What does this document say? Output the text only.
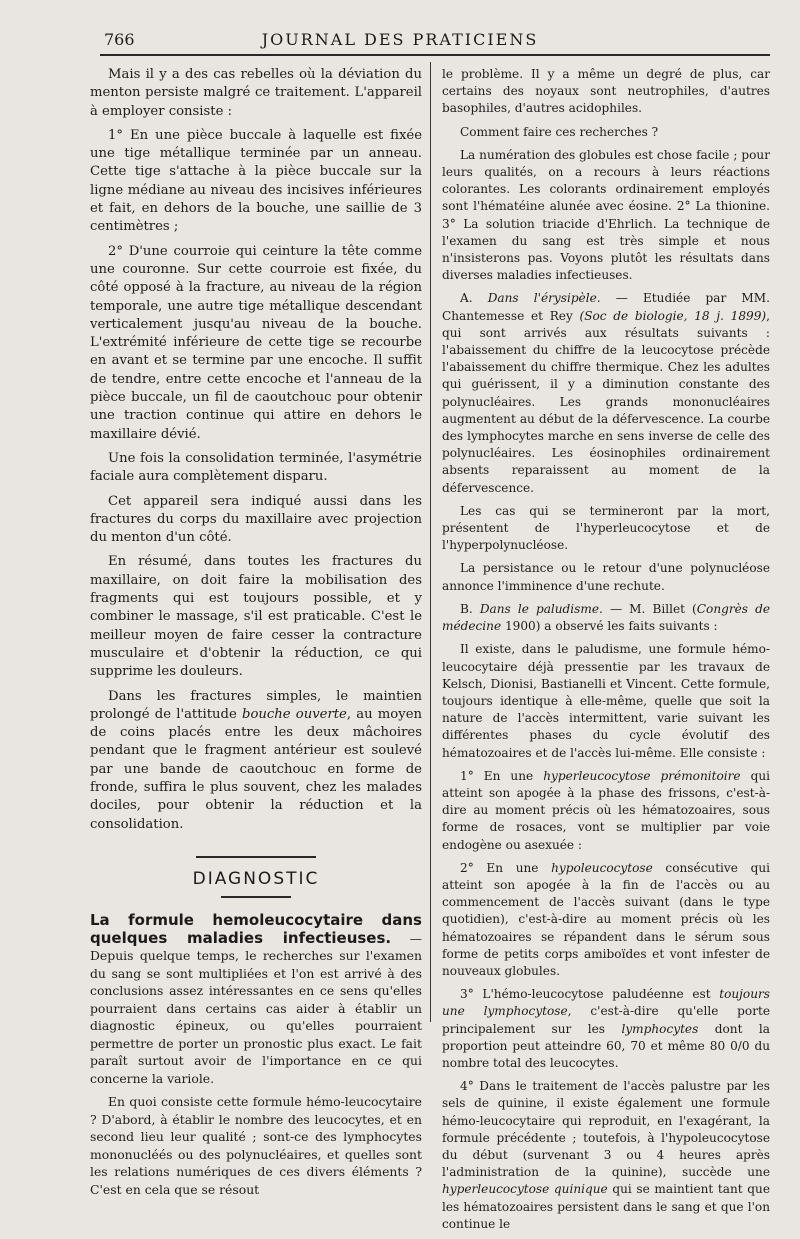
766	JOURNAL DES PRATICIENS

Mais il y a des cas rebelles où la déviation du menton persiste malgré ce traitement. L'appareil à employer consiste :

1° En une pièce buccale à laquelle est fixée une tige métallique terminée par un anneau. Cette tige s'attache à la pièce buccale sur la ligne médiane au niveau des incisives inférieures et fait, en dehors de la bouche, une saillie de 3 centimètres ;

2° D'une courroie qui ceinture la tête comme une couronne. Sur cette courroie est fixée, du côté opposé à la fracture, au niveau de la région temporale, une autre tige métallique descendant verticalement jusqu'au niveau de la bouche. L'extrémité inférieure de cette tige se recourbe en avant et se termine par une encoche. Il suffit de tendre, entre cette encoche et l'anneau de la pièce buccale, un fil de caoutchouc pour obtenir une traction continue qui attire en dehors le maxillaire dévié.

Une fois la consolidation terminée, l'asymétrie faciale aura complètement disparu.

Cet appareil sera indiqué aussi dans les fractures du corps du maxillaire avec projection du menton d'un côté.

En résumé, dans toutes les fractures du maxillaire, on doit faire la mobilisation des fragments qui est toujours possible, et y combiner le massage, s'il est praticable. C'est le meilleur moyen de faire cesser la contracture musculaire et d'obtenir la réduction, ce qui supprime les douleurs.

Dans les fractures simples, le maintien prolongé de l'attitude bouche ouverte, au moyen de coins placés entre les deux mâchoires pendant que le fragment antérieur est soulevé par une bande de caoutchouc en forme de fronde, suffira le plus souvent, chez les malades dociles, pour obtenir la réduction et la consolidation.

DIAGNOSTIC

La formule hemoleucocytaire dans quelques maladies infectieuses. — Depuis quelque temps, le recherches sur l'examen du sang se sont multipliées et l'on est arrivé à des conclusions assez intéressantes en ce sens qu'elles pourraient dans certains cas aider à établir un diagnostic épineux, ou qu'elles pourraient permettre de porter un pronostic plus exact. Le fait paraît surtout avoir de l'importance en ce qui concerne la variole.

En quoi consiste cette formule hémo-leucocytaire ? D'abord, à établir le nombre des leucocytes, et en second lieu leur qualité ; sont-ce des lymphocytes mononucléés ou des polynucléaires, et quelles sont les relations numériques de ces divers éléments ? C'est en cela que se résout

le problème. Il y a même un degré de plus, car certains des noyaux sont neutrophiles, d'autres basophiles, d'autres acidophiles.

Comment faire ces recherches ?

La numération des globules est chose facile ; pour leurs qualités, on a recours à leurs réactions colorantes. Les colorants ordinairement employés sont l'hématéine alunée avec éosine. 2° La thionine. 3° La solution triacide d'Ehrlich. La technique de l'examen du sang est très simple et nous n'insisterons pas. Voyons plutôt les résultats dans diverses maladies infectieuses.

A. Dans l'érysipèle. — Etudiée par MM. Chantemesse et Rey (Soc de biologie, 18 j. 1899), qui sont arrivés aux résultats suivants : l'abaissement du chiffre de la leucocytose précède l'abaissement du chiffre thermique. Chez les adultes qui guérissent, il y a diminution constante des polynucléaires. Les grands mononucléaires augmentent au début de la défervescence. La courbe des lymphocytes marche en sens inverse de celle des polynucléaires. Les éosinophiles ordinairement absents reparaissent au moment de la défervescence.

Les cas qui se termineront par la mort, présentent de l'hyperleucocytose et de l'hyperpolynucléose.

La persistance ou le retour d'une polynucléose annonce l'imminence d'une rechute.

B. Dans le paludisme. — M. Billet (Congrès de médecine 1900) a observé les faits suivants :

Il existe, dans le paludisme, une formule hémo-leucocytaire déjà pressentie par les travaux de Kelsch, Dionisi, Bastianelli et Vincent. Cette formule, toujours identique à elle-même, quelle que soit la nature de l'accès intermittent, varie suivant les différentes phases du cycle évolutif des hématozoaires et de l'accès lui-même. Elle consiste :

1° En une hyperleucocytose prémonitoire qui atteint son apogée à la phase des frissons, c'est-à-dire au moment précis où les hématozoaires, sous forme de rosaces, vont se multiplier par voie endogène ou asexuée :

2° En une hypoleucocytose consécutive qui atteint son apogée à la fin de l'accès ou au commencement de l'accès suivant (dans le type quotidien), c'est-à-dire au moment précis où les hématozoaires se répandent dans le sérum sous forme de petits corps amiboïdes et vont infester de nouveaux globules.

3° L'hémo-leucocytose paludéenne est toujours une lymphocytose, c'est-à-dire qu'elle porte principalement sur les lymphocytes dont la proportion peut atteindre 60, 70 et même 80 0/0 du nombre total des leucocytes.

4° Dans le traitement de l'accès palustre par les sels de quinine, il existe également une formule hémo-leucocytaire qui reproduit, en l'exagérant, la formule précédente ; toutefois, à l'hypoleucocytose du début (survenant 3 ou 4 heures après l'administration de la quinine), succède une hyperleucocytose quinique qui se maintient tant que les hématozoaires persistent dans le sang et que l'on continue le
